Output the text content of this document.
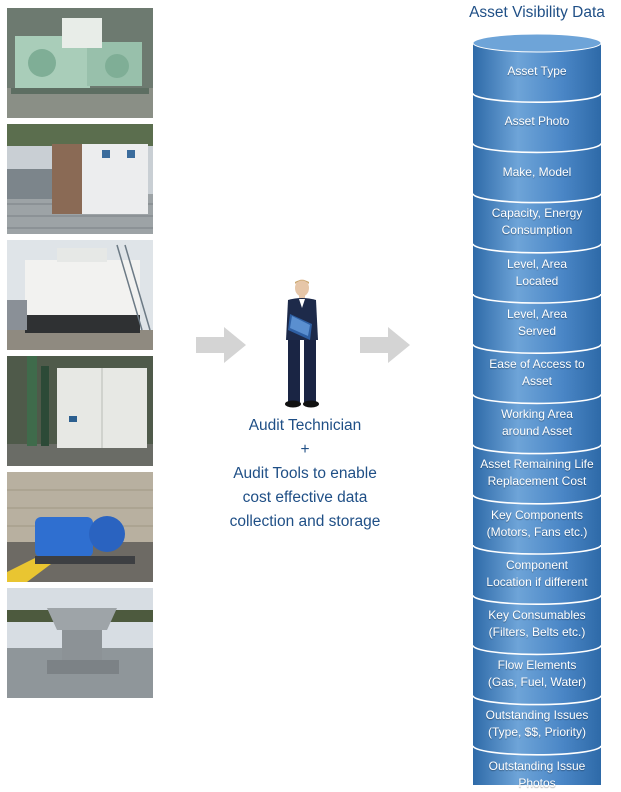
Audit Technician
+
Audit Tools to enable
cost effective data
collection and storage
Asset Visibility Data
Asset Type
Asset Photo
Make, Model
Capacity, Energy
Consumption
Level, Area
Located
Level, Area
Served
Ease of Access to
Asset
Working Area
around Asset
Asset Remaining Life
Replacement Cost
Key Components
(Motors, Fans etc.)
Component
Location if different
Key Consumables
(Filters, Belts etc.)
Flow Elements
(Gas, Fuel, Water)
Outstanding Issues
(Type, $$, Priority)
Outstanding Issue
Photos
